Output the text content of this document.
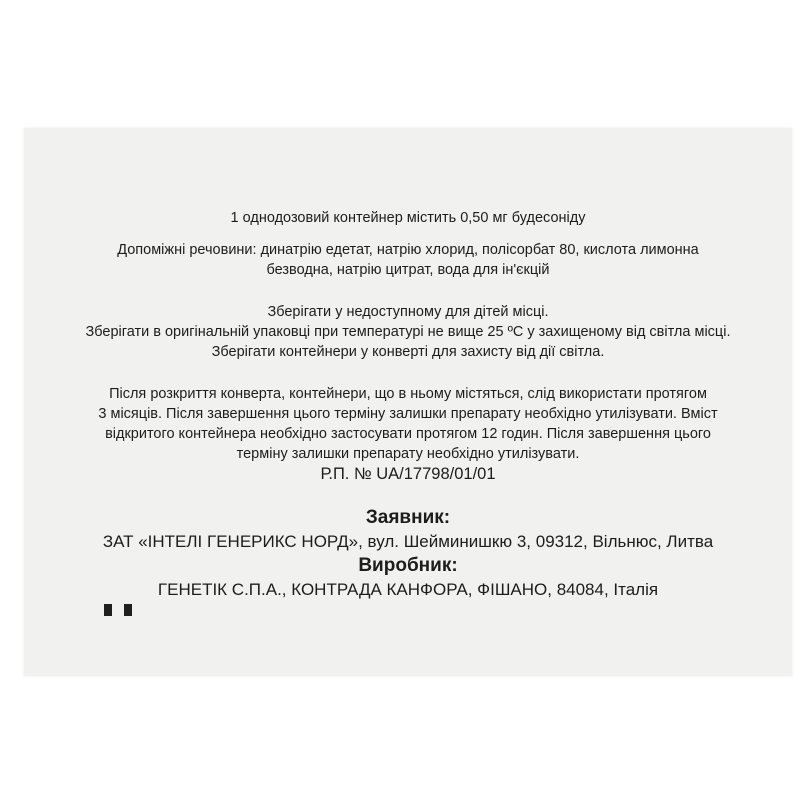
1 однодозовий контейнер містить 0,50 мг будесоніду
Допоміжні речовини: динатрію едетат, натрію хлорид, полісорбат 80, кислота лимонна
безводна, натрію цитрат, вода для ін'єкцій
Зберігати у недоступному для дітей місці.
Зберігати в оригінальній упаковці при температурі не вище 25 ºС у захищеному від світла місці.
Зберігати контейнери у конверті для захисту від дії світла.
Після розкриття конверта, контейнери, що в ньому містяться, слід використати протягом
3 місяців. Після завершення цього терміну залишки препарату необхідно утилізувати. Вміст
відкритого контейнера необхідно застосувати протягом 12 годин. Після завершення цього
терміну залишки препарату необхідно утилізувати.
Р.П. № UA/17798/01/01
Заявник:
ЗАТ «ІНТЕЛІ ГЕНЕРИКС НОРД», вул. Шейминишкю 3, 09312, Вільнюс, Литва
Виробник:
ГЕНЕТІК С.П.А., КОНТРАДА КАНФОРА, ФІШАНО, 84084, Італія
